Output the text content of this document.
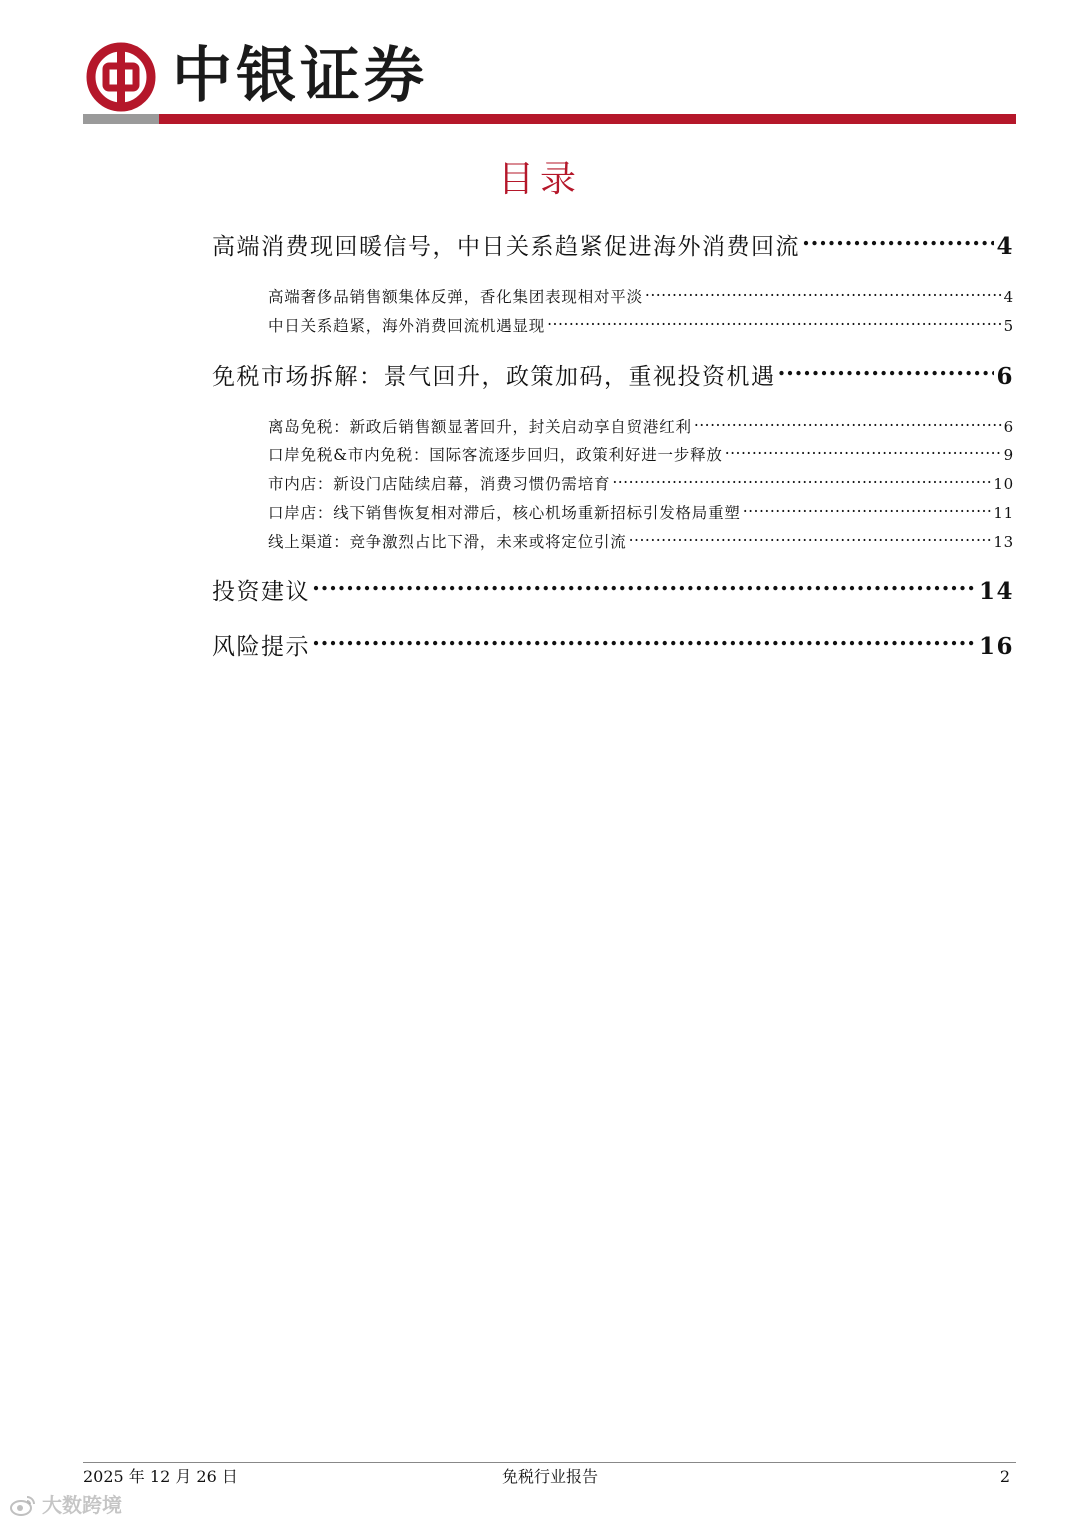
中银证券
目录
高端消费现回暖信号，中日关系趋紧促进海外消费回流 .....	4
高端奢侈品销售额集体反弹，香化集团表现相对平淡 .....	4
中日关系趋紧，海外消费回流机遇显现 .....	5
免税市场拆解：景气回升，政策加码，重视投资机遇 .....	6
离岛免税：新政后销售额显著回升，封关启动享自贸港红利 .....	6
口岸免税&市内免税：国际客流逐步回归，政策利好进一步释放 .....	9
市内店：新设门店陆续启幕，消费习惯仍需培育 .....	10
口岸店：线下销售恢复相对滞后，核心机场重新招标引发格局重塑 .....	11
线上渠道：竞争激烈占比下滑，未来或将定位引流 .....	13
投资建议 .....	14
风险提示 .....	16
2025 年 12 月 26 日	免税行业报告	2
大数跨境
